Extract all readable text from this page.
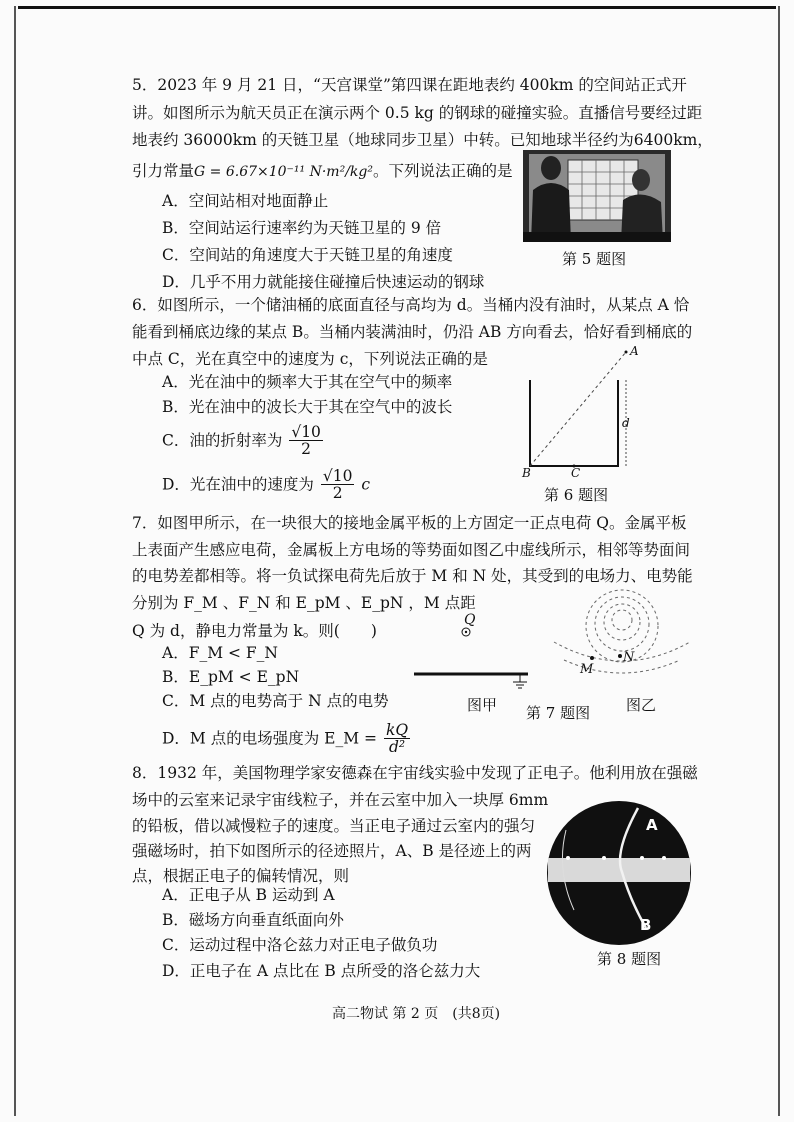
5．2023 年 9 月 21 日，“天宫课堂”第四课在距地表约 400km 的空间站正式开
讲。如图所示为航天员正在演示两个 0.5 kg 的钢球的碰撞实验。直播信号要经过距
地表约 36000km 的天链卫星（地球同步卫星）中转。已知地球半径约为6400km，
引力常量G = 6.67×10⁻¹¹ N·m²/kg²。下列说法正确的是
A．空间站相对地面静止
B．空间站运行速率约为天链卫星的 9 倍
C．空间站的角速度大于天链卫星的角速度
D．几乎不用力就能接住碰撞后快速运动的钢球
第 5 题图
6．如图所示，一个储油桶的底面直径与高均为 d。当桶内没有油时，从某点 A 恰
能看到桶底边缘的某点 B。当桶内装满油时，仍沿 AB 方向看去，恰好看到桶底的
中点 C，光在真空中的速度为 c，下列说法正确的是
A．光在油中的频率大于其在空气中的频率
B．光在油中的波长大于其在空气中的波长
C．油的折射率为 $\frac{√10}{2}$
D．光在油中的速度为 $\frac{√10}{2}$ c
A
d
B	C
第 6 题图
7．如图甲所示，在一块很大的接地金属平板的上方固定一正点电荷 Q。金属平板
上表面产生感应电荷，金属板上方电场的等势面如图乙中虚线所示，相邻等势面间
的电势差都相等。将一负试探电荷先后放于 M 和 N 处，其受到的电场力、电势能
分别为 F_M 、F_N 和 E_pM 、E_pN ，M 点距
Q 为 d，静电力常量为 k。则(　　)
A．F_M < F_N
B．E_pM < E_pN
C．M 点的电势高于 N 点的电势
D．M 点的电场强度为 E_M = $\frac{kQ}{\text{d²}}$
Q
图甲
M
N
图乙
第 7 题图
8．1932 年，美国物理学家安德森在宇宙线实验中发现了正电子。他利用放在强磁
场中的云室来记录宇宙线粒子，并在云室中加入一块厚 6mm
的铅板，借以减慢粒子的速度。当正电子通过云室内的强匀
强磁场时，拍下如图所示的径迹照片，A、B 是径迹上的两
点，根据正电子的偏转情况，则
A．正电子从 B 运动到 A
B．磁场方向垂直纸面向外
C．运动过程中洛仑兹力对正电子做负功
D．正电子在 A 点比在 B 点所受的洛仑兹力大
A
B
第 8 题图
高二物试 第 2 页　(共8页)
